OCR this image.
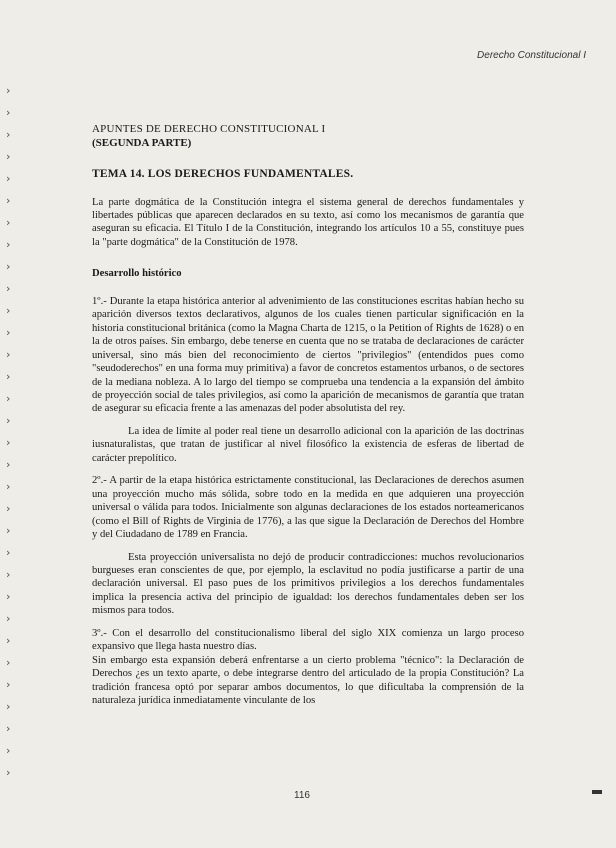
›
›
›
›
›
›
›
›
›
›
›
›
›
›
›
›
›
›
›
›
›
›
›
›
›
›
›
›
›
›
›
›
Derecho Constitucional I
APUNTES DE DERECHO CONSTITUCIONAL I
(SEGUNDA PARTE)
TEMA 14. LOS DERECHOS FUNDAMENTALES.

La parte dogmática de la Constitución integra el sistema general de derechos fundamentales y libertades públicas que aparecen declarados en su texto, así como los mecanismos de garantía que aseguran su eficacia. El Título I de la Constitución, integrando los artículos 10 a 55, constituye pues la "parte dogmática" de la Constitución de 1978.

Desarrollo histórico

1º.- Durante la etapa histórica anterior al advenimiento de las constituciones escritas habían hecho su aparición diversos textos declarativos, algunos de los cuales tienen particular significación en la historia constitucional británica (como la Magna Charta de 1215, o la Petition of Rights de 1628) o en la de otros países. Sin embargo, debe tenerse en cuenta que no se trataba de declaraciones de carácter universal, sino más bien del reconocimiento de ciertos "privilegios" (entendidos pues como "seudoderechos" en una forma muy primitiva) a favor de concretos estamentos urbanos, o de sectores de la mediana nobleza. A lo largo del tiempo se comprueba una tendencia a la expansión del ámbito de proyección social de tales privilegios, así como la aparición de mecanismos de garantía que tratan de asegurar su eficacia frente a las amenazas del poder absolutista del rey.

La idea de límite al poder real tiene un desarrollo adicional con la aparición de las doctrinas iusnaturalistas, que tratan de justificar al nivel filosófico la existencia de esferas de libertad de carácter prepolítico.

2º.- A partir de la etapa histórica estrictamente constitucional, las Declaraciones de derechos asumen una proyección mucho más sólida, sobre todo en la medida en que adquieren una proyección universal o válida para todos. Inicialmente son algunas declaraciones de los estados norteamericanos (como el Bill of Rights de Virginia de 1776), a las que sigue la Declaración de Derechos del Hombre y del Ciudadano de 1789 en Francia.

Esta proyección universalista no dejó de producir contradicciones: muchos revolucionarios burgueses eran conscientes de que, por ejemplo, la esclavitud no podía justificarse a partir de una declaración universal. El paso pues de los primitivos privilegios a los derechos fundamentales implica la presencia activa del principio de igualdad: los derechos fundamentales deben ser los mismos para todos.

3º.- Con el desarrollo del constitucionalismo liberal del siglo XIX comienza un largo proceso expansivo que llega hasta nuestro días.

Sin embargo esta expansión deberá enfrentarse a un cierto problema "técnico": la Declaración de Derechos ¿es un texto aparte, o debe integrarse dentro del articulado de la propia Constitución? La tradición francesa optó por separar ambos documentos, lo que dificultaba la comprensión de la naturaleza jurídica inmediatamente vinculante de los

116
